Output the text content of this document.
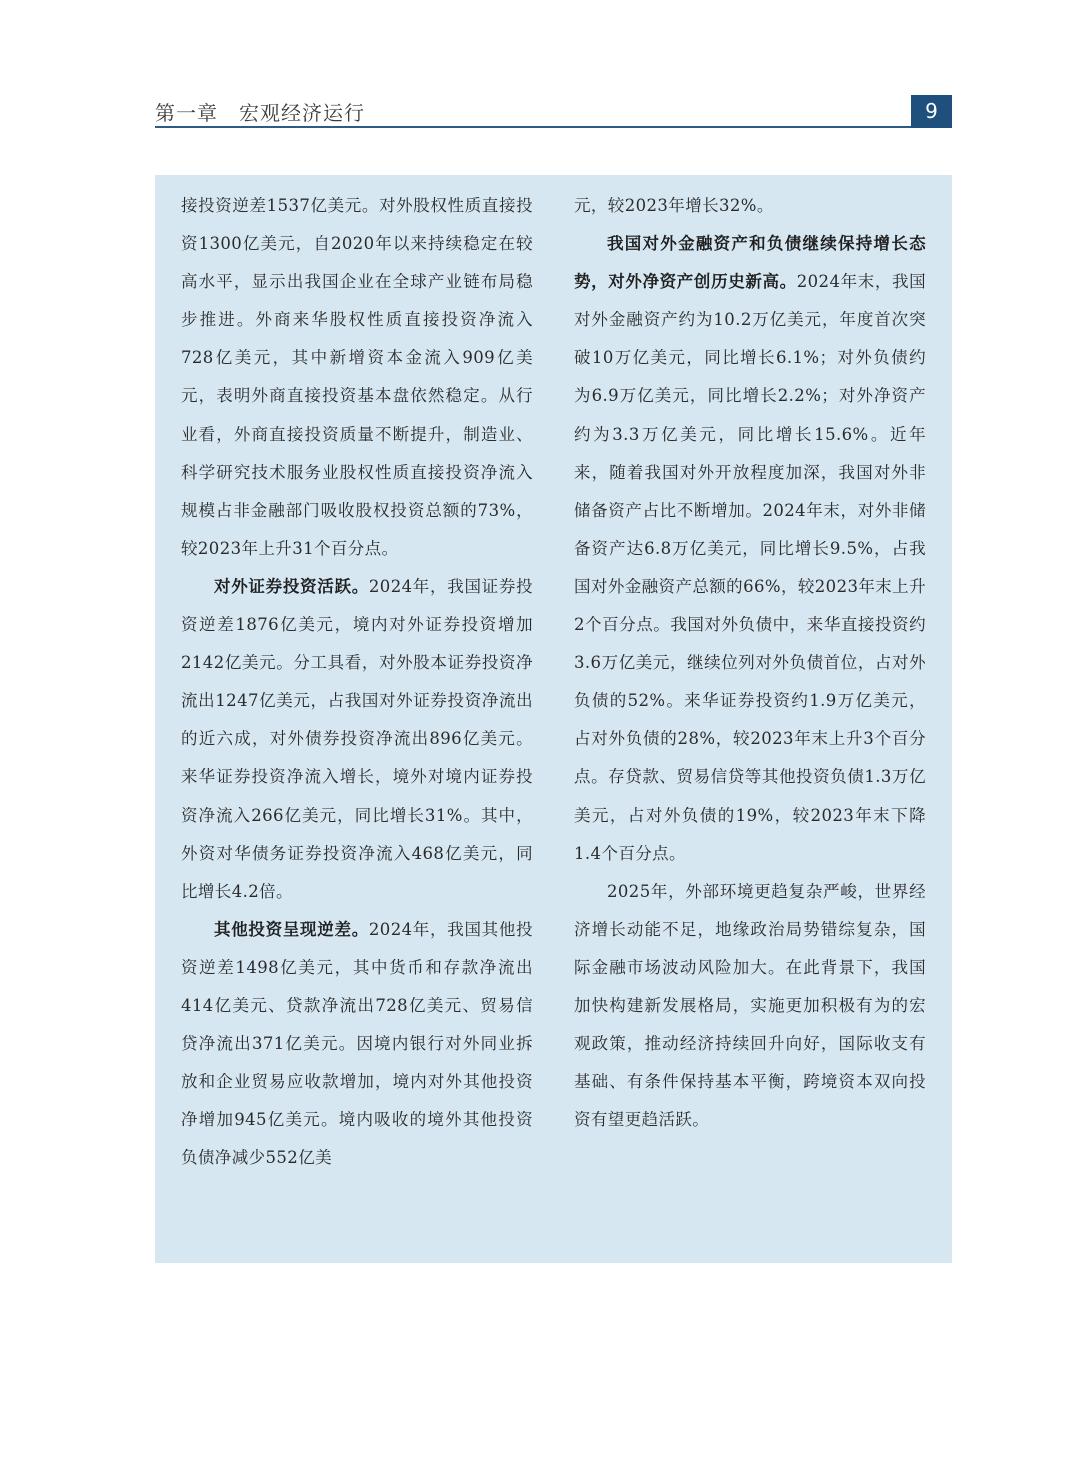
第一章　宏观经济运行	9

接投资逆差1537亿美元。对外股权性质直接投资1300亿美元，自2020年以来持续稳定在较高水平，显示出我国企业在全球产业链布局稳步推进。外商来华股权性质直接投资净流入728亿美元，其中新增资本金流入909亿美元，表明外商直接投资基本盘依然稳定。从行业看，外商直接投资质量不断提升，制造业、科学研究技术服务业股权性质直接投资净流入规模占非金融部门吸收股权投资总额的73%，较2023年上升31个百分点。

对外证券投资活跃。2024年，我国证券投资逆差1876亿美元，境内对外证券投资增加2142亿美元。分工具看，对外股本证券投资净流出1247亿美元，占我国对外证券投资净流出的近六成，对外债券投资净流出896亿美元。来华证券投资净流入增长，境外对境内证券投资净流入266亿美元，同比增长31%。其中，外资对华债务证券投资净流入468亿美元，同比增长4.2倍。

其他投资呈现逆差。2024年，我国其他投资逆差1498亿美元，其中货币和存款净流出414亿美元、贷款净流出728亿美元、贸易信贷净流出371亿美元。因境内银行对外同业拆放和企业贸易应收款增加，境内对外其他投资净增加945亿美元。境内吸收的境外其他投资负债净减少552亿美

元，较2023年增长32%。

我国对外金融资产和负债继续保持增长态势，对外净资产创历史新高。2024年末，我国对外金融资产约为10.2万亿美元，年度首次突破10万亿美元，同比增长6.1%；对外负债约为6.9万亿美元，同比增长2.2%；对外净资产约为3.3万亿美元，同比增长15.6%。近年来，随着我国对外开放程度加深，我国对外非储备资产占比不断增加。2024年末，对外非储备资产达6.8万亿美元，同比增长9.5%，占我国对外金融资产总额的66%，较2023年末上升2个百分点。我国对外负债中，来华直接投资约3.6万亿美元，继续位列对外负债首位，占对外负债的52%。来华证券投资约1.9万亿美元，占对外负债的28%，较2023年末上升3个百分点。存贷款、贸易信贷等其他投资负债1.3万亿美元，占对外负债的19%，较2023年末下降1.4个百分点。

2025年，外部环境更趋复杂严峻，世界经济增长动能不足，地缘政治局势错综复杂，国际金融市场波动风险加大。在此背景下，我国加快构建新发展格局，实施更加积极有为的宏观政策，推动经济持续回升向好，国际收支有基础、有条件保持基本平衡，跨境资本双向投资有望更趋活跃。
